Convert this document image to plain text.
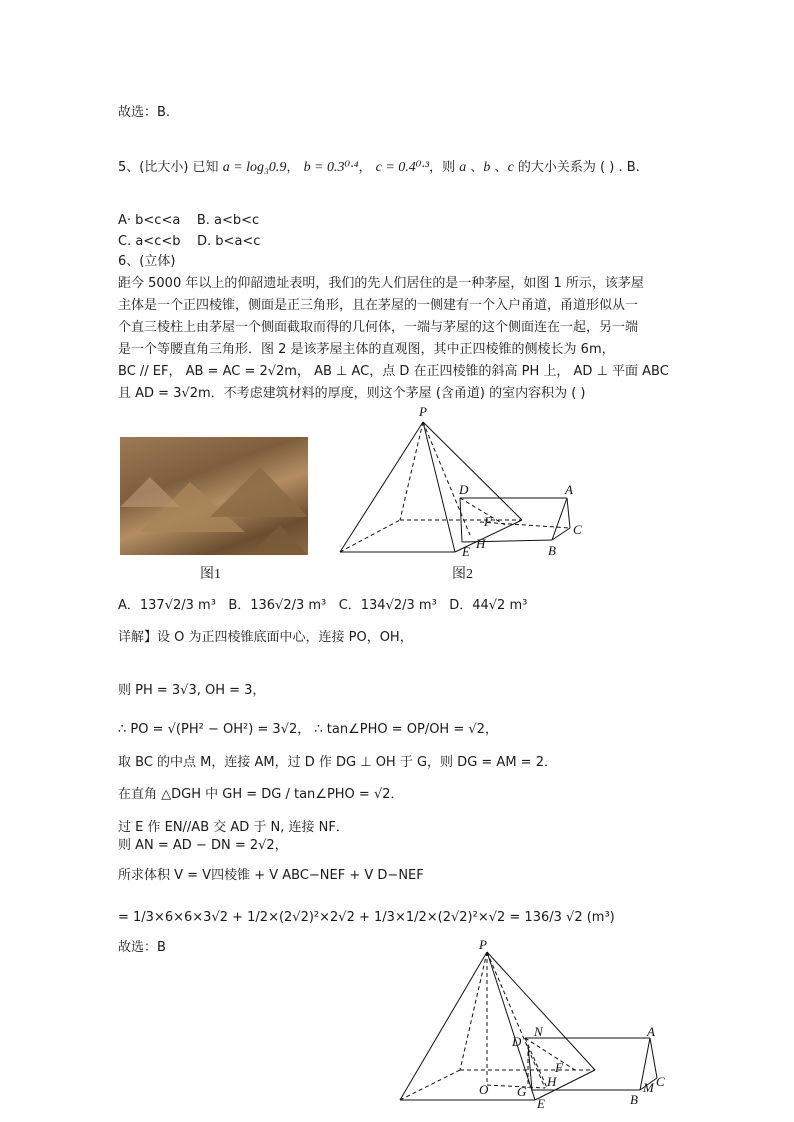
故选：B.
5、(比大小) 已知 a = log₃0.9， b = 0.3⁰·⁴， c = 0.4⁰·³，则 a 、b 、c 的大小关系为 ( ) . B.
A· b<c<a B. a<b<c
C. a<c<b D. b<a<c
6、(立体)
距今 5000 年以上的仰韶遗址表明，我们的先人们居住的是一种茅屋，如图 1 所示，该茅屋
主体是一个正四棱锥，侧面是正三角形，且在茅屋的一侧建有一个入户甬道，甬道形似从一
个直三棱柱上由茅屋一个侧面截取而得的几何体，一端与茅屋的这个侧面连在一起，另一端
是一个等腰直角三角形．图 2 是该茅屋主体的直观图，其中正四棱锥的侧棱长为 6m，
BC // EF， AB = AC = 2√2m， AB ⊥ AC，点 D 在正四棱锥的斜高 PH 上， AD ⊥ 平面 ABC
且 AD = 3√2m．不考虑建筑材料的厚度，则这个茅屋 (含甬道) 的室内容积为 ( )
图1
P
D	A
F
H
E
C
B
图2
A．137√2/3 m³ B．136√2/3 m³ C．134√2/3 m³ D．44√2 m³
详解】设 O 为正四棱锥底面中心，连接 PO，OH，
则 PH = 3√3, OH = 3，
∴ PO = √(PH² − OH²) = 3√2， ∴ tan∠PHO = OP/OH = √2，
取 BC 的中点 M，连接 AM，过 D 作 DG ⊥ OH 于 G，则 DG = AM = 2．
在直角 △DGH 中 GH = DG / tan∠PHO = √2．
过 E 作 EN//AB 交 AD 于 N, 连接 NF．
则 AN = AD − DN = 2√2，
所求体积 V = V四棱锥 + V ABC−NEF + V D−NEF
= 1/3×6×6×3√2 + 1/2×(2√2)²×2√2 + 1/3×1/2×(2√2)²×√2 = 136/3 √2 (m³)
故选：B	P
N	A
D
F
H
O G
E
M C
B
